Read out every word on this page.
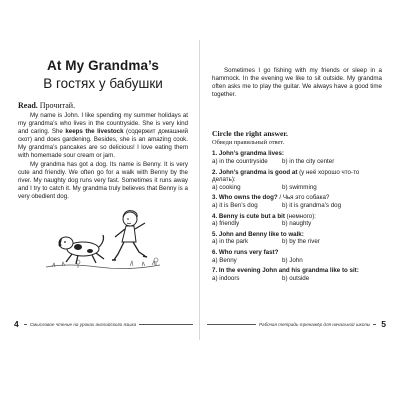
At My Grandma’s
В гостях у бабушки
Read. Прочитай.

My name is John. I like spending my summer holidays at my grandma’s who lives in the countryside. She is very kind and caring. She keeps the livestock (содержит домашний скот) and does gardening. Besides, she is an amazing cook. My grandma’s pancakes are so delicious! I love eating them with homemade sour cream or jam.

My grandma has got a dog. Its name is Benny. It is very cute and friendly. We often go for a walk with Benny by the river. My naughty dog runs very fast. Sometimes it runs away and I try to catch it. My grandma truly believes that Benny is a very obedient dog.

Sometimes I go fishing with my friends or sleep in a hammock. In the evening we like to sit outside. My grandma often asks me to play the guitar. We always have a good time together.

Circle the right answer.
Обведи правильный ответ.
1. John’s grandma lives:
a) in the countryside	b) in the city center
2. John’s grandma is good at (у неё хорошо что-то делать):
a) cooking	b) swimming
3. Who owns the dog? / Чья это собака?
a) it is Ben’s dog	b) it is grandma’s dog
4. Benny is cute but a bit (немного):
a) friendly	b) naughty
5. John and Benny like to walk:
a) in the park	b) by the river
6. Who runs very fast?
a) Benny	b) John
7. In the evening John and his grandma like to sit:
a) indoors	b) outside
4 Смысловое чтение на уроках английского языка	Рабочая тетрадь-тренажёр для начальной школы 5
